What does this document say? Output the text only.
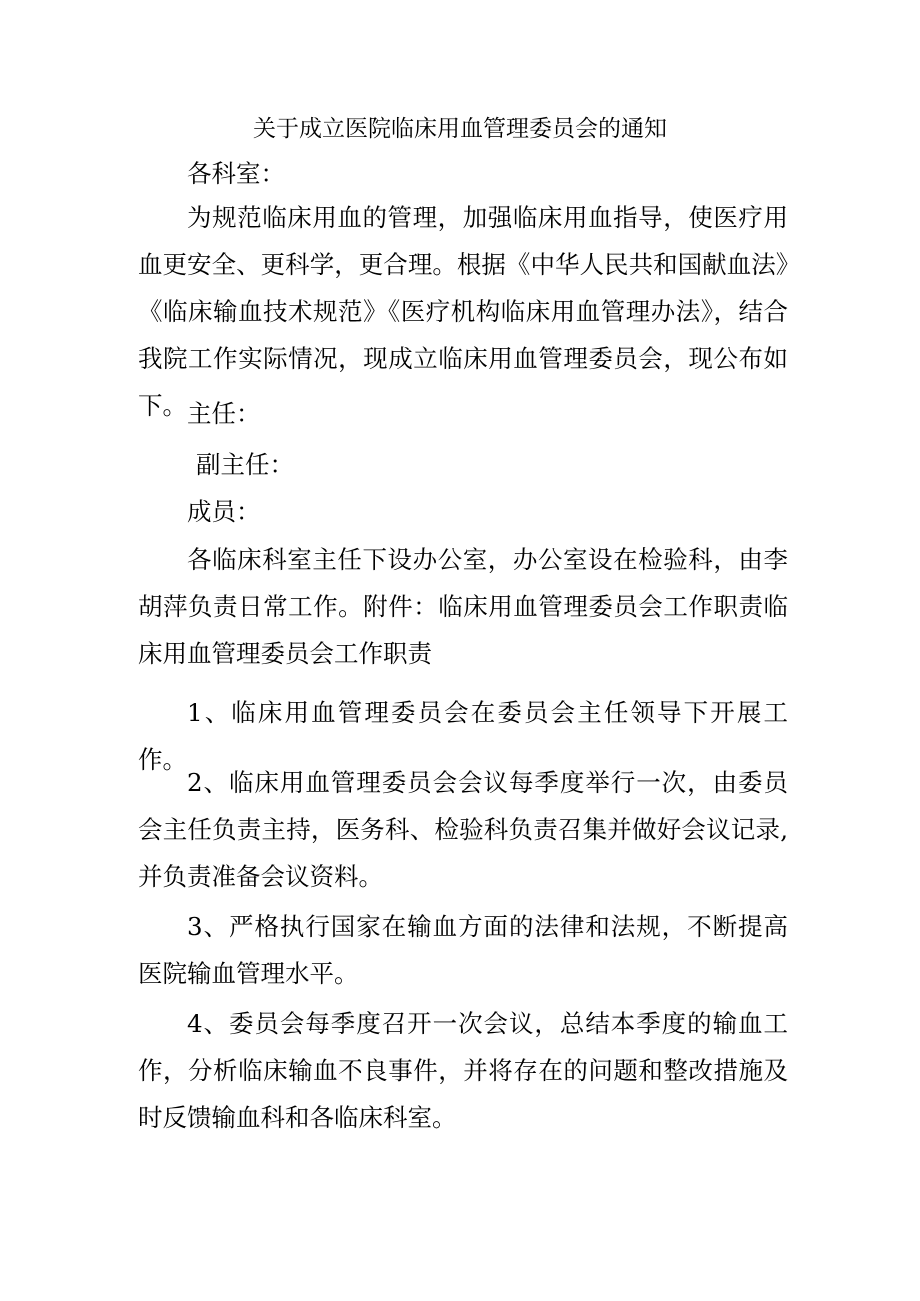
关于成立医院临床用血管理委员会的通知
各科室：

为规范临床用血的管理，加强临床用血指导，使医疗用血更安全、更科学，更合理。根据《中华人民共和国献血法》《临床输血技术规范》《医疗机构临床用血管理办法》，结合我院工作实际情况，现成立临床用血管理委员会，现公布如下。 主任：
副主任：
成员：

各临床科室主任下设办公室，办公室设在检验科，由李胡萍负责日常工作。附件：临床用血管理委员会工作职责临床用血管理委员会工作职责

1、临床用血管理委员会在委员会主任领导下开展工作。

2、临床用血管理委员会会议每季度举行一次，由委员会主任负责主持，医务科、检验科负责召集并做好会议记录,并负责准备会议资料。

3、严格执行国家在输血方面的法律和法规，不断提高医院输血管理水平。

4、委员会每季度召开一次会议，总结本季度的输血工作，分析临床输血不良事件，并将存在的问题和整改措施及时反馈输血科和各临床科室。
